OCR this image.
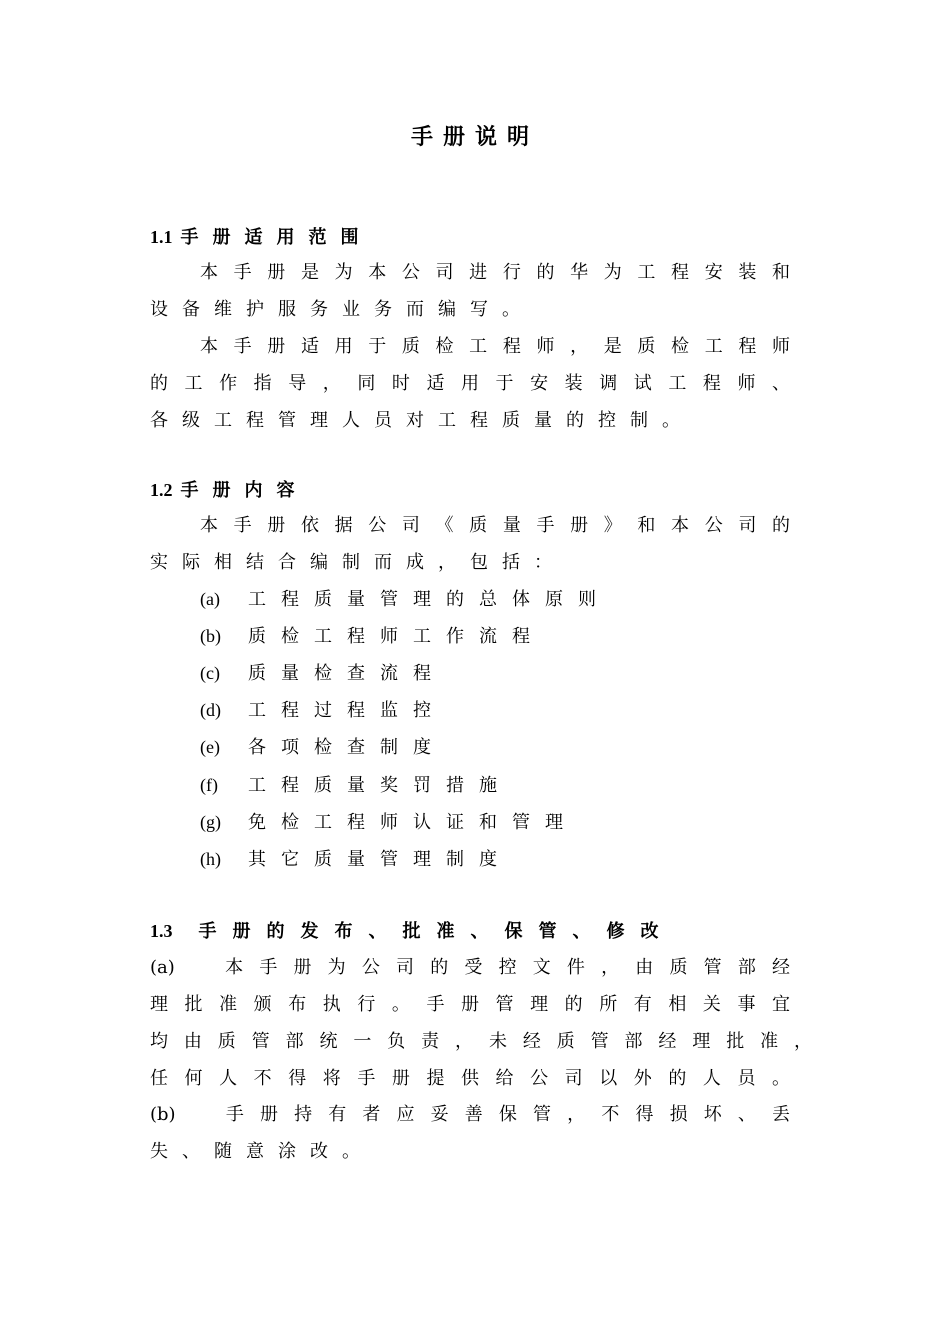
手册说明
1.1 手册适用范围
本手册是为本公司进行的华为工程安装和
设备维护服务业务而编写。
本手册适用于质检工程师，是质检工程师
的工作指导，同时适用于安装调试工程师、
各级工程管理人员对工程质量的控制。
1.2 手册内容
本手册依据公司《质量手册》和本公司的
实际相结合编制而成，包括：
(a) 工程质量管理的总体原则
(b) 质检工程师工作流程
(c) 质量检查流程
(d) 工程过程监控
(e) 各项检查制度
(f) 工程质量奖罚措施
(g) 免检工程师认证和管理
(h) 其它质量管理制度
1.3 手册的发布、批准、保管、修改
(a)　本手册为公司的受控文件，由质管部经
理批准颁布执行。手册管理的所有相关事宜
均由质管部统一负责，未经质管部经理批准，
任何人不得将手册提供给公司以外的人员。
(b)　手册持有者应妥善保管，不得损坏、丢
失、随意涂改。
